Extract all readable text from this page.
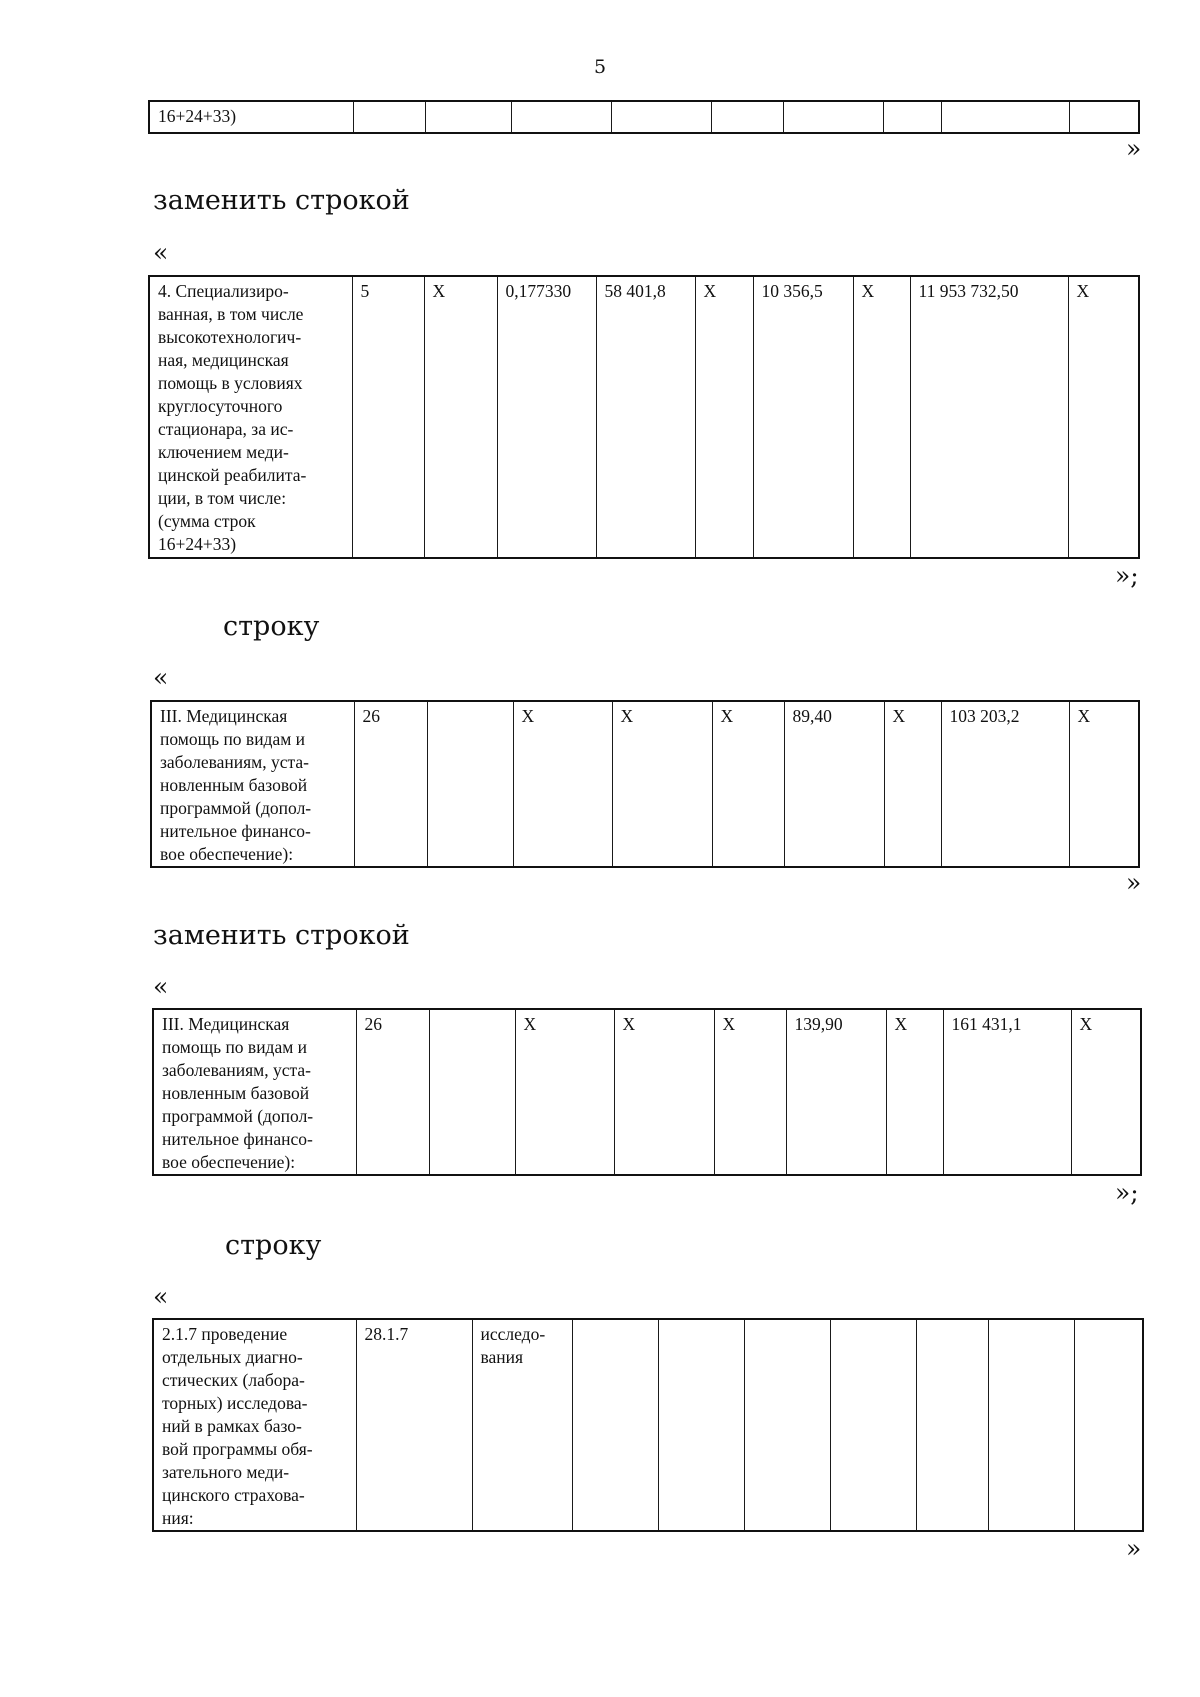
5
16+24+33)									
»
заменить строкой
«
4. Специализиро-
ванная, в том числе
высокотехнологич-
ная, медицинская
помощь в условиях
круглосуточного
стационара, за ис-
ключением меди-
цинской реабилита-
ции, в том числе:
(сумма строк
16+24+33)	5	X	0,177330	58 401,8	X	10 356,5	X	11 953 732,50	X
»;
строку
«
III. Медицинская
помощь по видам и
заболеваниям, уста-
новленным базовой
программой (допол-
нительное финансо-
вое обеспечение):	26		X	X	X	89,40	X	103 203,2	X
»
заменить строкой
«
III. Медицинская
помощь по видам и
заболеваниям, уста-
новленным базовой
программой (допол-
нительное финансо-
вое обеспечение):	26		X	X	X	139,90	X	161 431,1	X
»;
строку
«
2.1.7 проведение
отдельных диагно-
стических (лабора-
торных) исследова-
ний в рамках базо-
вой программы обя-
зательного меди-
цинского страхова-
ния:	28.1.7	исследо-
вания							
»
